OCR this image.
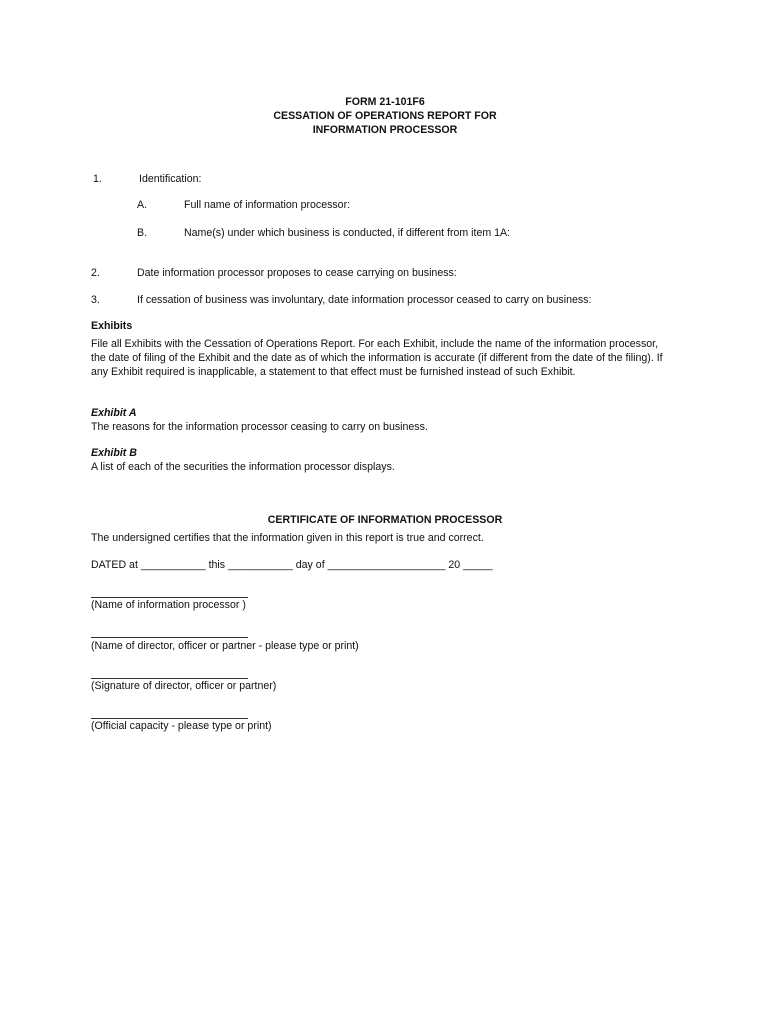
FORM 21-101F6
CESSATION OF OPERATIONS REPORT FOR
INFORMATION PROCESSOR
1.	Identification:
A.	Full name of information processor:
B.	Name(s) under which business is conducted, if different from item 1A:
2.	Date information processor proposes to cease carrying on business:
3.	If cessation of business was involuntary, date information processor ceased to carry on business:
Exhibits
File all Exhibits with the Cessation of Operations Report. For each Exhibit, include the name of the information processor, the date of filing of the Exhibit and the date as of which the information is accurate (if different from the date of the filing). If any Exhibit required is inapplicable, a statement to that effect must be furnished instead of such Exhibit.
Exhibit A
The reasons for the information processor ceasing to carry on business.
Exhibit B
A list of each of the securities the information processor displays.
CERTIFICATE OF INFORMATION PROCESSOR
The undersigned certifies that the information given in this report is true and correct.
DATED at ___________ this ___________ day of ____________________ 20 _____
(Name of information processor )
(Name of director, officer or partner - please type or print)
(Signature of director, officer or partner)
(Official capacity - please type or print)
